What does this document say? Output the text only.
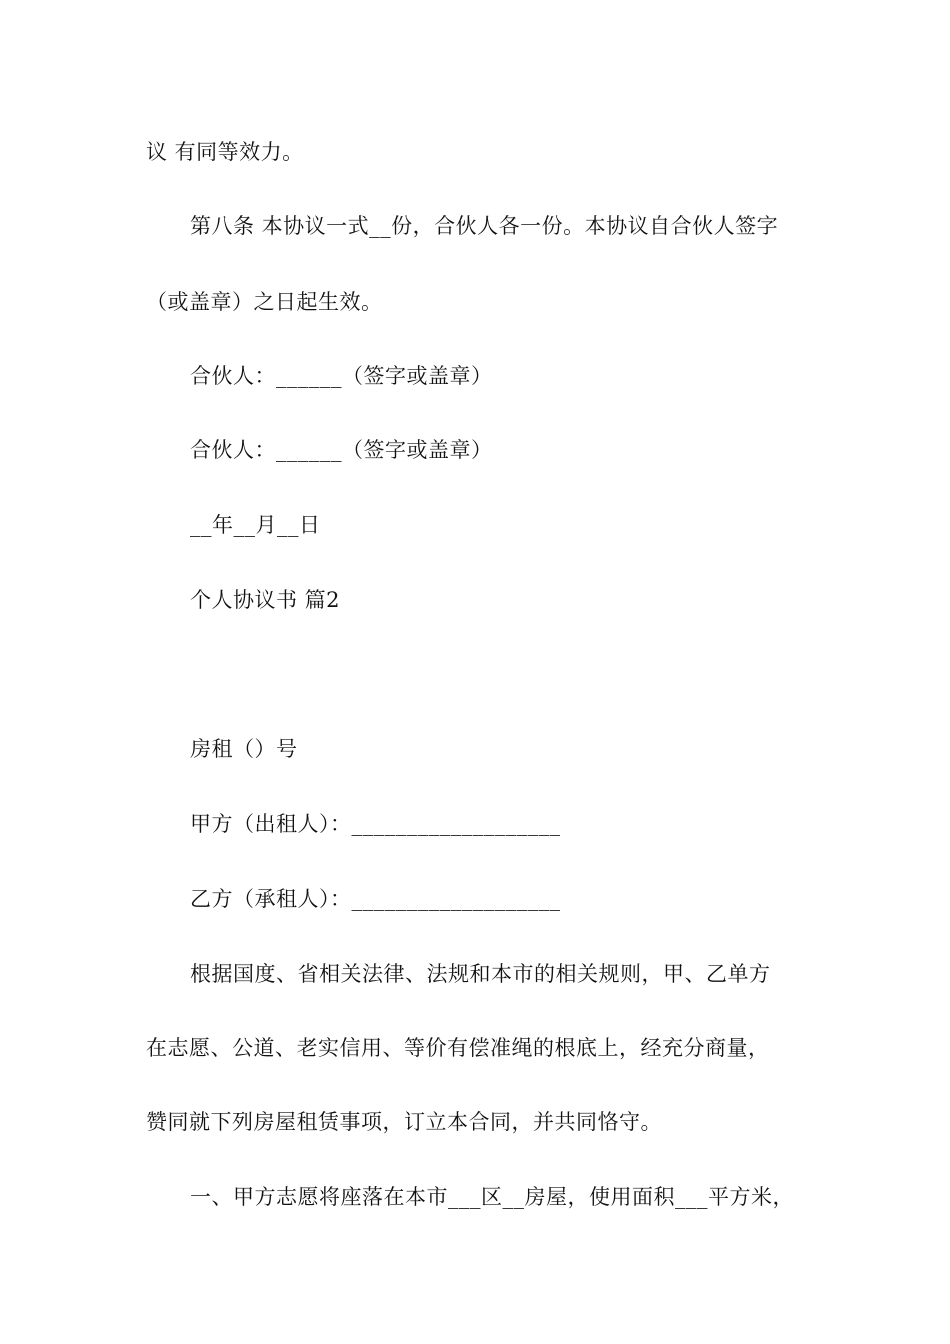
议 有同等效力。
第八条 本协议一式__份，合伙人各一份。本协议自合伙人签字
（或盖章）之日起生效。
合伙人：______（签字或盖章）
合伙人：______（签字或盖章）
__年__月__日
个人协议书 篇2
房租（）号
甲方（出租人）：___________________
乙方（承租人）：___________________
根据国度、省相关法律、法规和本市的相关规则，甲、乙单方
在志愿、公道、老实信用、等价有偿准绳的根底上，经充分商量，
赞同就下列房屋租赁事项，订立本合同，并共同恪守。
一、甲方志愿将座落在本市___区__房屋，使用面积___平方米，
